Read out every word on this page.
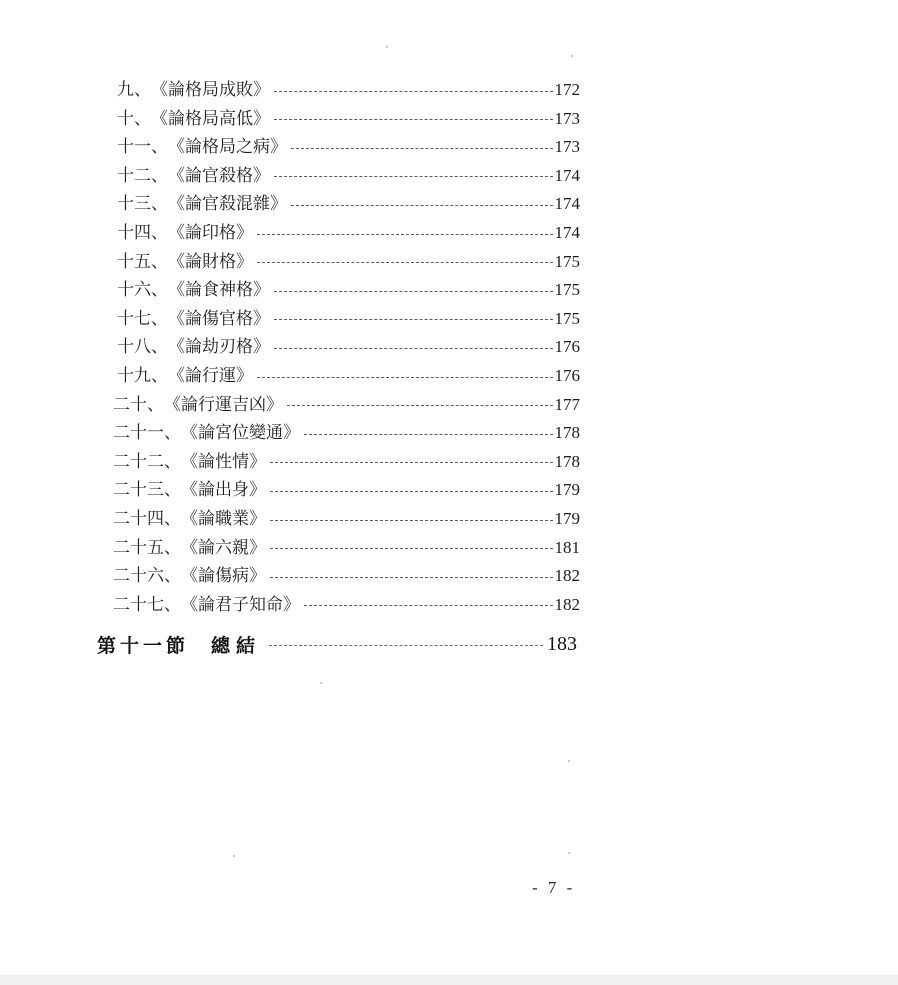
九、 《論格局成敗》	172
十、 《論格局高低》	173
十一、 《論格局之病》	173
十二、 《論官殺格》	174
十三、 《論官殺混雜》	174
十四、 《論印格》	174
十五、 《論財格》	175
十六、 《論食神格》	175
十七、 《論傷官格》	175
十八、 《論劫刃格》	176
十九、 《論行運》	176
二十、 《論行運吉凶》	177
二十一、 《論宮位變通》	178
二十二、 《論性情》	178
二十三、 《論出身》	179
二十四、 《論職業》	179
二十五、 《論六親》	181
二十六、 《論傷病》	182
二十七、 《論君子知命》	182
第十一節 總結	183
- 7 -
